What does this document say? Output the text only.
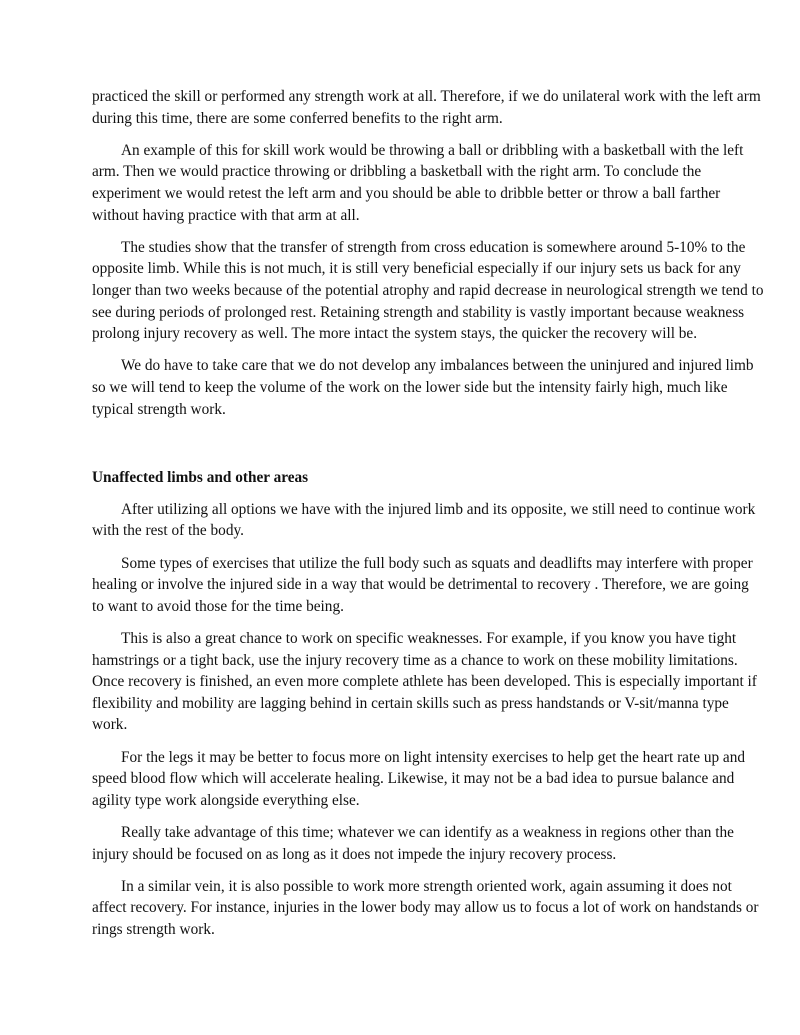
practiced the skill or performed any strength work at all. Therefore, if we do unilateral work with the left arm during this time, there are some conferred benefits to the right arm.

An example of this for skill work would be throwing a ball or dribbling with a basketball with the left arm. Then we would practice throwing or dribbling a basketball with the right arm. To conclude the experiment we would retest the left arm and you should be able to dribble better or throw a ball farther without having practice with that arm at all.

The studies show that the transfer of strength from cross education is somewhere around 5-10% to the opposite limb. While this is not much, it is still very beneficial especially if our injury sets us back for any longer than two weeks because of the potential atrophy and rapid decrease in neurological strength we tend to see during periods of prolonged rest. Retaining strength and stability is vastly important because weakness prolong injury recovery as well. The more intact the system stays, the quicker the recovery will be.

We do have to take care that we do not develop any imbalances between the uninjured and injured limb so we will tend to keep the volume of the work on the lower side but the intensity fairly high, much like typical strength work.

Unaffected limbs and other areas

After utilizing all options we have with the injured limb and its opposite, we still need to continue work with the rest of the body.

Some types of exercises that utilize the full body such as squats and deadlifts may interfere with proper healing or involve the injured side in a way that would be detrimental to recovery . Therefore, we are going to want to avoid those for the time being.

This is also a great chance to work on specific weaknesses. For example, if you know you have tight hamstrings or a tight back, use the injury recovery time as a chance to work on these mobility limitations. Once recovery is finished, an even more complete athlete has been developed. This is especially important if flexibility and mobility are lagging behind in certain skills such as press handstands or V-sit/manna type work.

For the legs it may be better to focus more on light intensity exercises to help get the heart rate up and speed blood flow which will accelerate healing. Likewise, it may not be a bad idea to pursue balance and agility type work alongside everything else.

Really take advantage of this time; whatever we can identify as a weakness in regions other than the injury should be focused on as long as it does not impede the injury recovery process.

In a similar vein, it is also possible to work more strength oriented work, again assuming it does not affect recovery. For instance, injuries in the lower body may allow us to focus a lot of work on handstands or rings strength work.
